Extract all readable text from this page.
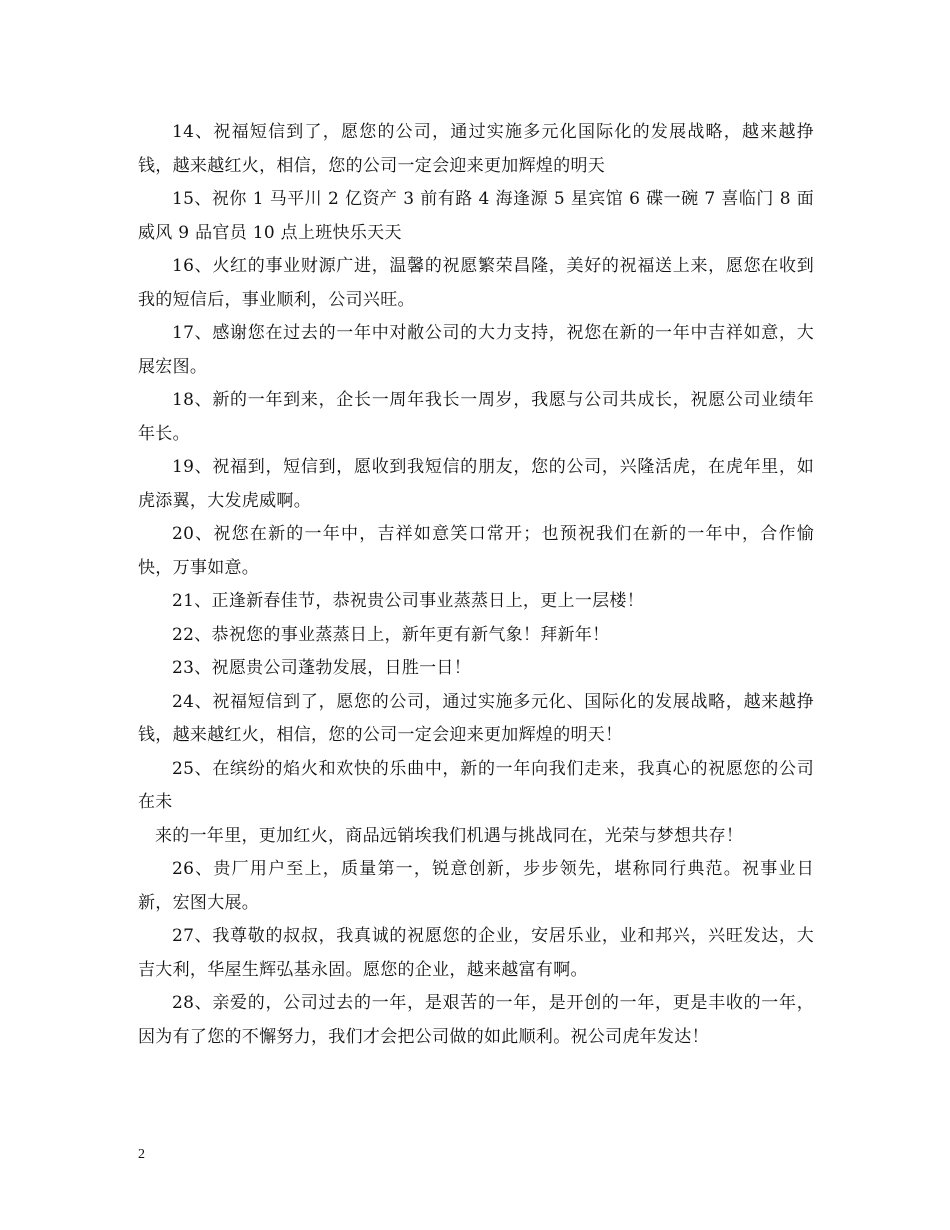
14、祝福短信到了，愿您的公司，通过实施多元化国际化的发展战略，越来越挣钱，越来越红火，相信，您的公司一定会迎来更加辉煌的明天

15、祝你 1 马平川 2 亿资产 3 前有路 4 海逢源 5 星宾馆 6 碟一碗 7 喜临门 8 面威风 9 品官员 10 点上班快乐天天

16、火红的事业财源广进，温馨的祝愿繁荣昌隆，美好的祝福送上来，愿您在收到我的短信后，事业顺利，公司兴旺。

17、感谢您在过去的一年中对敝公司的大力支持，祝您在新的一年中吉祥如意，大展宏图。

18、新的一年到来，企长一周年我长一周岁，我愿与公司共成长，祝愿公司业绩年年长。

19、祝福到，短信到，愿收到我短信的朋友，您的公司，兴隆活虎，在虎年里，如虎添翼，大发虎威啊。

20、祝您在新的一年中，吉祥如意笑口常开；也预祝我们在新的一年中，合作愉快，万事如意。

21、正逢新春佳节，恭祝贵公司事业蒸蒸日上，更上一层楼！

22、恭祝您的事业蒸蒸日上，新年更有新气象！拜新年！

23、祝愿贵公司蓬勃发展，日胜一日！

24、祝福短信到了，愿您的公司，通过实施多元化、国际化的发展战略，越来越挣钱，越来越红火，相信，您的公司一定会迎来更加辉煌的明天！

25、在缤纷的焰火和欢快的乐曲中，新的一年向我们走来，我真心的祝愿您的公司在未

来的一年里，更加红火，商品远销埃我们机遇与挑战同在，光荣与梦想共存！

26、贵厂用户至上，质量第一，锐意创新，步步领先，堪称同行典范。祝事业日新，宏图大展。

27、我尊敬的叔叔，我真诚的祝愿您的企业，安居乐业，业和邦兴，兴旺发达，大吉大利，华屋生辉弘基永固。愿您的企业，越来越富有啊。

28、亲爱的，公司过去的一年，是艰苦的一年，是开创的一年，更是丰收的一年，因为有了您的不懈努力，我们才会把公司做的如此顺利。祝公司虎年发达！

2
